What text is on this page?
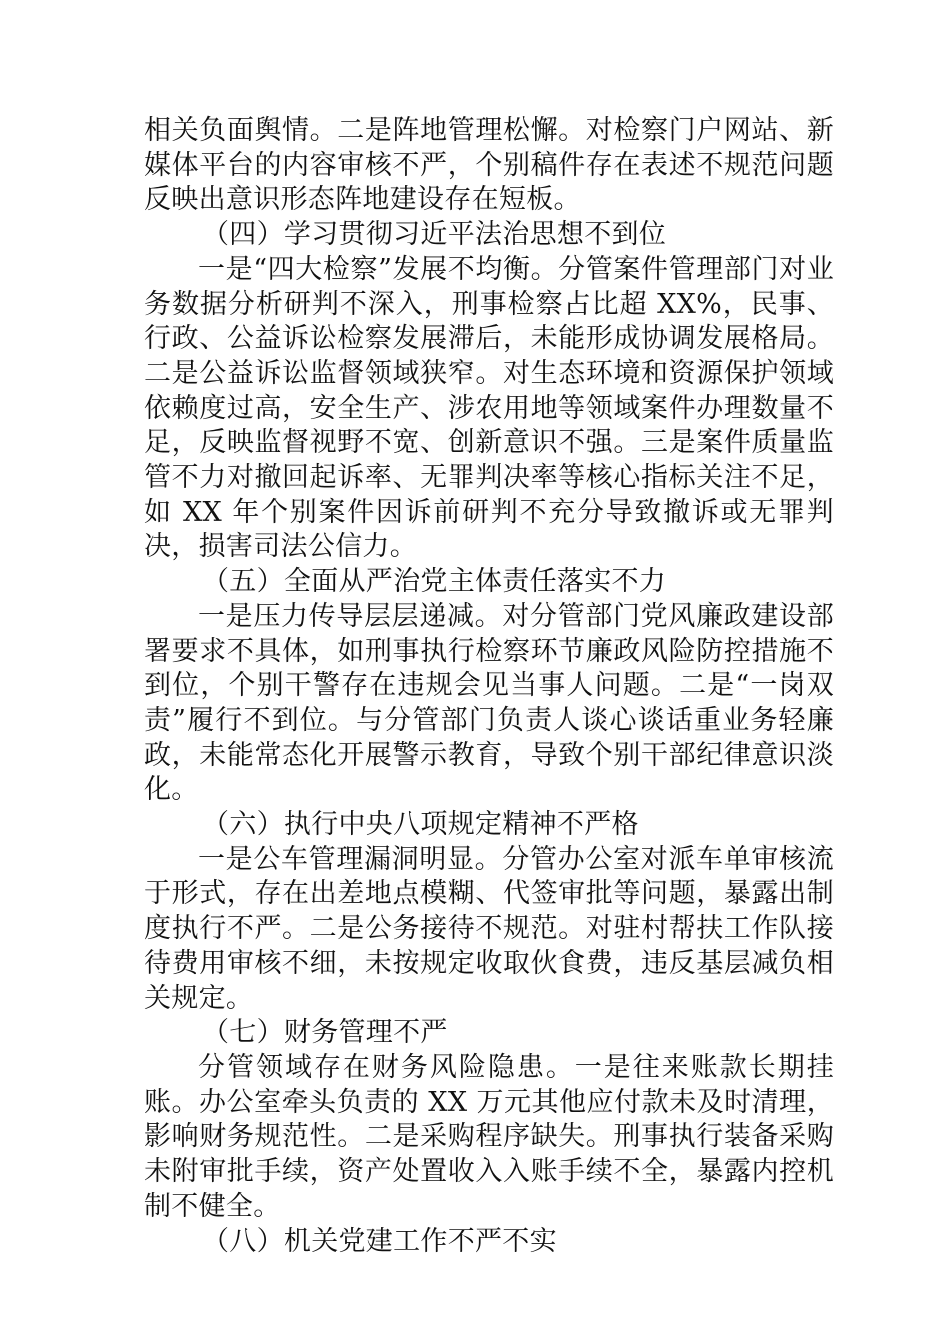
相关负面舆情。二是阵地管理松懈。对检察门户网站、新媒体平台的内容审核不严，个别稿件存在表述不规范问题反映出意识形态阵地建设存在短板。

（四）学习贯彻习近平法治思想不到位

一是“四大检察”发展不均衡。分管案件管理部门对业务数据分析研判不深入，刑事检察占比超 XX%，民事、行政、公益诉讼检察发展滞后，未能形成协调发展格局。二是公益诉讼监督领域狭窄。对生态环境和资源保护领域依赖度过高，安全生产、涉农用地等领域案件办理数量不足，反映监督视野不宽、创新意识不强。三是案件质量监管不力对撤回起诉率、无罪判决率等核心指标关注不足，如 XX 年个别案件因诉前研判不充分导致撤诉或无罪判决，损害司法公信力。

（五）全面从严治党主体责任落实不力

一是压力传导层层递减。对分管部门党风廉政建设部署要求不具体，如刑事执行检察环节廉政风险防控措施不到位，个别干警存在违规会见当事人问题。二是“一岗双责”履行不到位。与分管部门负责人谈心谈话重业务轻廉政，未能常态化开展警示教育，导致个别干部纪律意识淡化。

（六）执行中央八项规定精神不严格

一是公车管理漏洞明显。分管办公室对派车单审核流于形式，存在出差地点模糊、代签审批等问题，暴露出制度执行不严。二是公务接待不规范。对驻村帮扶工作队接待费用审核不细，未按规定收取伙食费，违反基层减负相关规定。

（七）财务管理不严

分管领域存在财务风险隐患。一是往来账款长期挂账。办公室牵头负责的 XX 万元其他应付款未及时清理，影响财务规范性。二是采购程序缺失。刑事执行装备采购未附审批手续，资产处置收入入账手续不全，暴露内控机制不健全。

（八）机关党建工作不严不实
